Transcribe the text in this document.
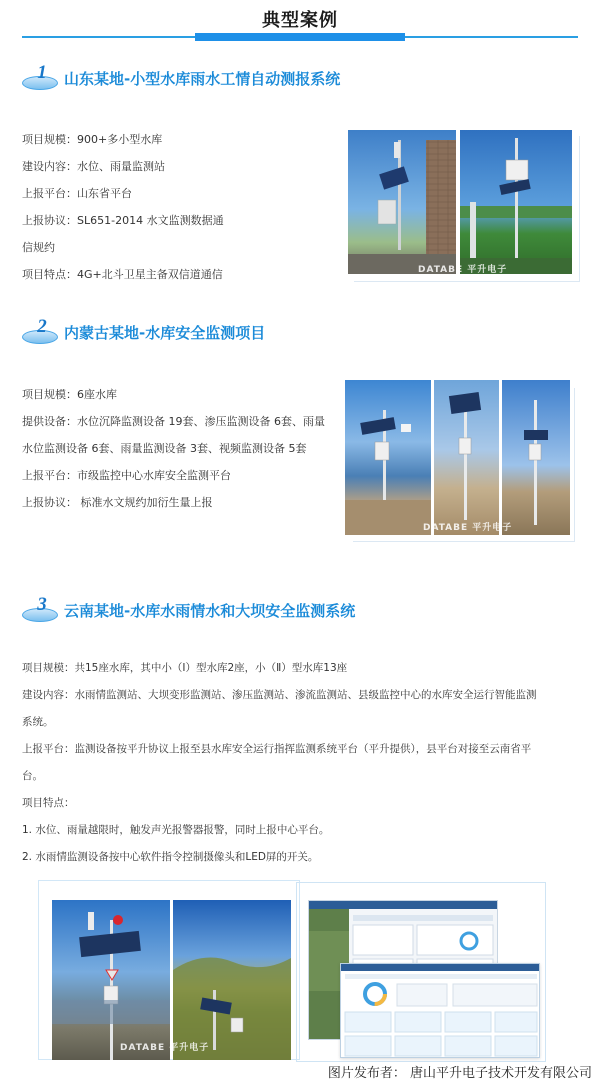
典型案例
1	山东某地-小型水库雨水工情自动测报系统

项目规模：900+多小型水库

建设内容：水位、雨量监测站

上报平台：山东省平台

上报协议：SL651-2014 水文监测数据通

信规约

项目特点：4G+北斗卫星主备双信道通信	DATABE 平升电子
2	内蒙古某地-水库安全监测项目

项目规模：6座水库

提供设备：水位沉降监测设备 19套、渗压监测设备 6套、雨量

水位监测设备 6套、雨量监测设备 3套、视频监测设备 5套

上报平台：市级监控中心水库安全监测平台

上报协议： 标准水文规约加衍生量上报

DATABE 平升电子
3	云南某地-水库水雨情水和大坝安全监测系统

项目规模：共15座水库，其中小（Ⅰ）型水库2座，小（Ⅱ）型水库13座

建设内容：水雨情监测站、大坝变形监测站、渗压监测站、渗流监测站、县级监控中心的水库安全运行智能监测

系统。

上报平台：监测设备按平升协议上报至县水库安全运行指挥监测系统平台（平升提供），县平台对接至云南省平

台。

项目特点：

1. 水位、雨量越限时，触发声光报警器报警，同时上报中心平台。

2. 水雨情监测设备按中心软件指令控制摄像头和LED屏的开关。

DATABE 平升电子
图片发布者： 唐山平升电子技术开发有限公司
